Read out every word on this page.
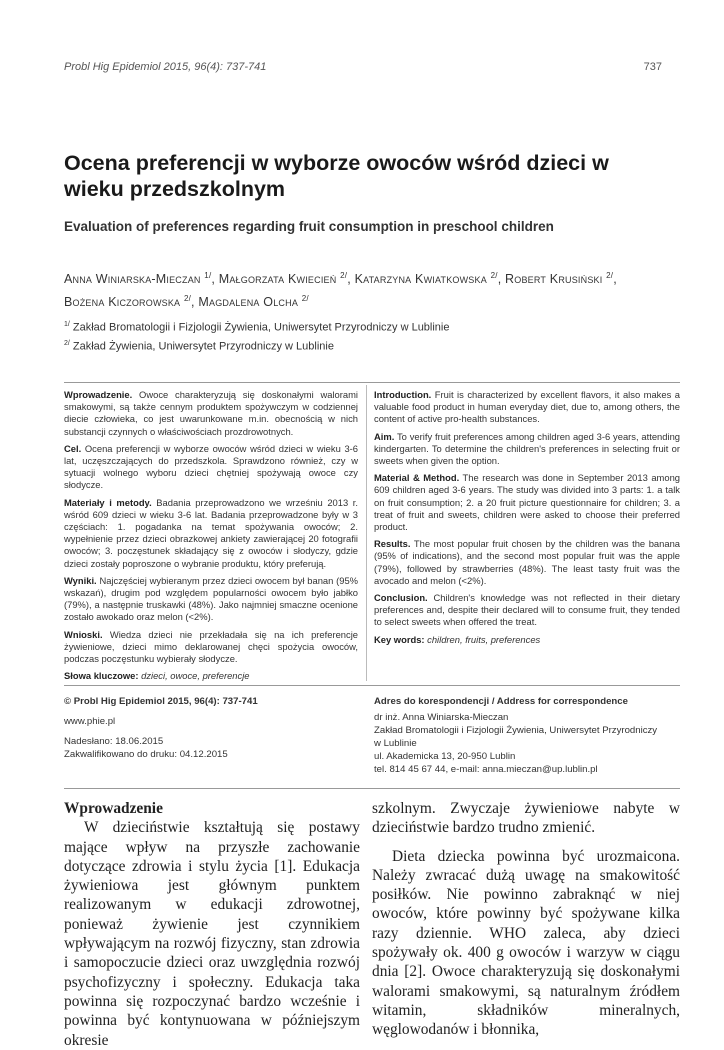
Probl Hig Epidemiol 2015, 96(4): 737-741	737
Ocena preferencji w wyborze owoców wśród dzieci w wieku przedszkolnym
Evaluation of preferences regarding fruit consumption in preschool children
Anna Winiarska-Mieczan $^{1/}$, Małgorzata Kwiecień $^{2/}$, Katarzyna Kwiatkowska $^{2/}$, Robert Krusiński $^{2/}$,
Bożena Kiczorowska $^{2/}$, Magdalena Olcha $^{2/}$
$^{1/}$ Zakład Bromatologii i Fizjologii Żywienia, Uniwersytet Przyrodniczy w Lublinie
$^{2/}$ Zakład Żywienia, Uniwersytet Przyrodniczy w Lublinie

Wprowadzenie. Owoce charakteryzują się doskonałymi walorami smakowymi, są także cennym produktem spożywczym w codziennej diecie człowieka, co jest uwarunkowane m.in. obecnością w nich substancji czynnych o właściwościach prozdrowotnych.

Cel. Ocena preferencji w wyborze owoców wśród dzieci w wieku 3-6 lat, uczęszczających do przedszkola. Sprawdzono również, czy w sytuacji wolnego wyboru dzieci chętniej spożywają owoce czy słodycze.

Materiały i metody. Badania przeprowadzono we wrześniu 2013 r. wśród 609 dzieci w wieku 3-6 lat. Badania przeprowadzone były w 3 częściach: 1. pogadanka na temat spożywania owoców; 2. wypełnienie przez dzieci obrazkowej ankiety zawierającej 20 fotografii owoców; 3. poczęstunek składający się z owoców i słodyczy, gdzie dzieci zostały poproszone o wybranie produktu, który preferują.

Wyniki. Najczęściej wybieranym przez dzieci owocem był banan (95% wskazań), drugim pod względem popularności owocem było jabłko (79%), a następnie truskawki (48%). Jako najmniej smaczne ocenione zostało awokado oraz melon (<2%).

Wnioski. Wiedza dzieci nie przekładała się na ich preferencje żywieniowe, dzieci mimo deklarowanej chęci spożycia owoców, podczas poczęstunku wybierały słodycze.

Słowa kluczowe: dzieci, owoce, preferencje

Introduction. Fruit is characterized by excellent flavors, it also makes a valuable food product in human everyday diet, due to, among others, the content of active pro-health substances.

Aim. To verify fruit preferences among children aged 3-6 years, attending kindergarten. To determine the children's preferences in selecting fruit or sweets when given the option.

Material & Method. The research was done in September 2013 among 609 children aged 3-6 years. The study was divided into 3 parts: 1. a talk on fruit consumption; 2. a 20 fruit picture questionnaire for children; 3. a treat of fruit and sweets, children were asked to choose their preferred product.

Results. The most popular fruit chosen by the children was the banana (95% of indications), and the second most popular fruit was the apple (79%), followed by strawberries (48%). The least tasty fruit was the avocado and melon (<2%).

Conclusion. Children's knowledge was not reflected in their dietary preferences and, despite their declared will to consume fruit, they tended to select sweets when offered the treat.

Key words: children, fruits, preferences

© Probl Hig Epidemiol 2015, 96(4): 737-741

www.phie.pl

Nadesłano: 18.06.2015

Zakwalifikowano do druku: 04.12.2015

Adres do korespondencji / Address for correspondence

dr inż. Anna Winiarska-Mieczan

Zakład Bromatologii i Fizjologii Żywienia, Uniwersytet Przyrodniczy

w Lublinie

ul. Akademicka 13, 20-950 Lublin

tel. 814 45 67 44, e-mail: anna.mieczan@up.lublin.pl

Wprowadzenie

W dzieciństwie kształtują się postawy mające wpływ na przyszłe zachowanie dotyczące zdrowia i stylu życia [1]. Edukacja żywieniowa jest głównym punktem realizowanym w edukacji zdrowotnej, ponieważ żywienie jest czynnikiem wpływającym na rozwój fizyczny, stan zdrowia i samopoczucie dzieci oraz uwzględnia rozwój psychofizyczny i społeczny. Edukacja taka powinna się rozpoczynać bardzo wcześnie i powinna być kontynuowana w późniejszym okresie

szkolnym. Zwyczaje żywieniowe nabyte w dzieciństwie bardzo trudno zmienić.

Dieta dziecka powinna być urozmaicona. Należy zwracać dużą uwagę na smakowitość posiłków. Nie powinno zabraknąć w niej owoców, które powinny być spożywane kilka razy dziennie. WHO zaleca, aby dzieci spożywały ok. 400 g owoców i warzyw w ciągu dnia [2]. Owoce charakteryzują się doskonałymi walorami smakowymi, są naturalnym źródłem witamin, składników mineralnych, węglowodanów i błonnika,
